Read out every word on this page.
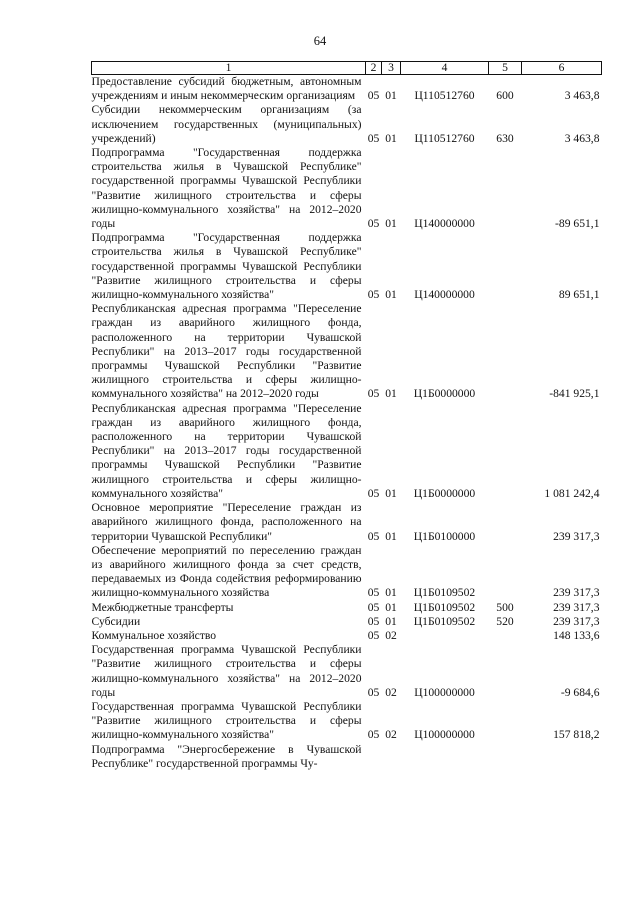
64
1	2	3	4	5	6
Предоставление субсидий бюджетным, автономным учреждениям и иным некоммерческим организациям	05	01	Ц110512760	600	3 463,8
Субсидии некоммерческим организациям (за исключением государственных (муниципальных) учреждений)	05	01	Ц110512760	630	3 463,8
Подпрограмма "Государственная поддержка строительства жилья в Чувашской Республике" государственной программы Чувашской Республики "Развитие жилищного строительства и сферы жилищно-коммунального хозяйства" на 2012–2020 годы	05	01	Ц140000000		-89 651,1
Подпрограмма "Государственная поддержка строительства жилья в Чувашской Республике" государственной программы Чувашской Республики "Развитие жилищного строительства и сферы жилищно-коммунального хозяйства"	05	01	Ц140000000		89 651,1
Республиканская адресная программа "Переселение граждан из аварийного жилищного фонда, расположенного на территории Чувашской Республики" на 2013–2017 годы государственной программы Чувашской Республики "Развитие жилищного строительства и сферы жилищно-коммунального хозяйства" на 2012–2020 годы	05	01	Ц1Б0000000		-841 925,1
Республиканская адресная программа "Переселение граждан из аварийного жилищного фонда, расположенного на территории Чувашской Республики" на 2013–2017 годы государственной программы Чувашской Республики "Развитие жилищного строительства и сферы жилищно-коммунального хозяйства"	05	01	Ц1Б0000000		1 081 242,4
Основное мероприятие "Переселение граждан из аварийного жилищного фонда, расположенного на территории Чувашской Республики"	05	01	Ц1Б0100000		239 317,3
Обеспечение мероприятий по переселению граждан из аварийного жилищного фонда за счет средств, передаваемых из Фонда содействия реформированию жилищно-коммунального хозяйства	05	01	Ц1Б0109502		239 317,3
Межбюджетные трансферты	05	01	Ц1Б0109502	500	239 317,3
Субсидии	05	01	Ц1Б0109502	520	239 317,3
Коммунальное хозяйство	05	02			148 133,6
Государственная программа Чувашской Республики "Развитие жилищного строительства и сферы жилищно-коммунального хозяйства" на 2012–2020 годы	05	02	Ц100000000		-9 684,6
Государственная программа Чувашской Республики "Развитие жилищного строительства и сферы жилищно-коммунального хозяйства"	05	02	Ц100000000		157 818,2
Подпрограмма "Энергосбережение в Чувашской Республике" государственной программы Чу-					
